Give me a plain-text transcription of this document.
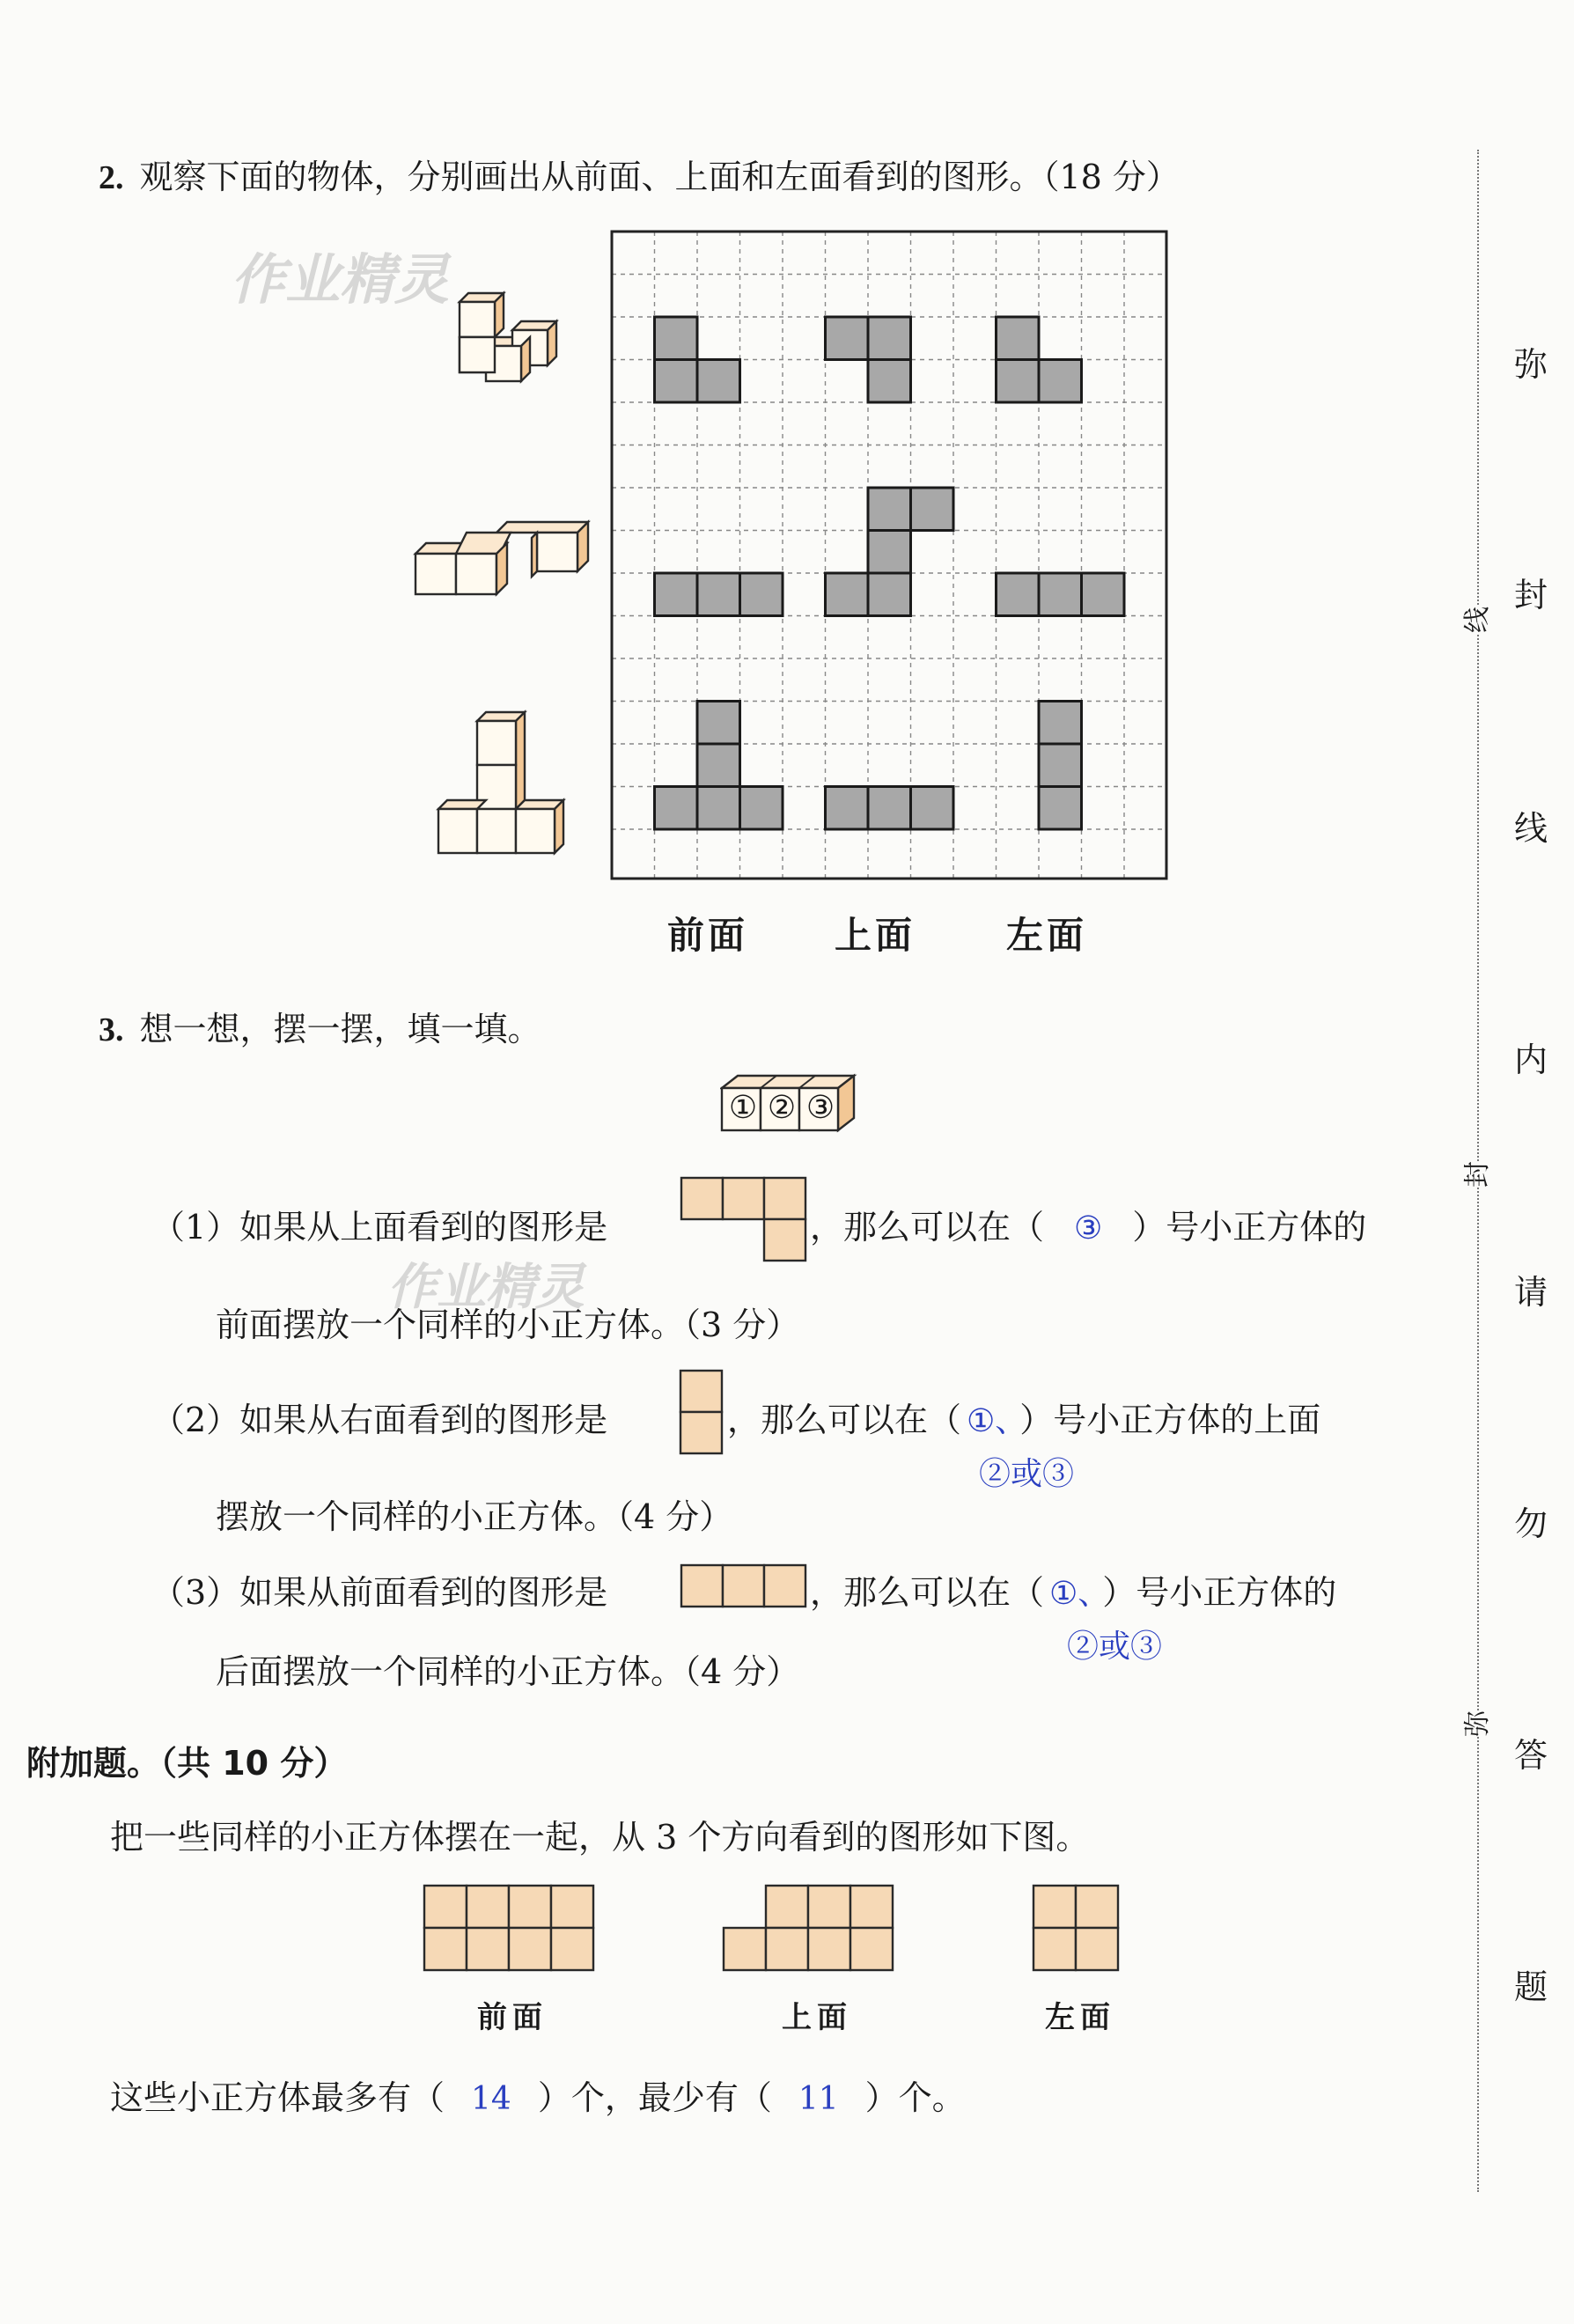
作业精灵
作业精灵
2. 观察下面的物体，分别画出从前面、上面和左面看到的图形。（18 分）
前面 上面 左面
3. 想一想，摆一摆，填一填。
① ② ③
（1）如果从上面看到的图形是	，那么可以在（ ③ ）号小正方体的
前面摆放一个同样的小正方体。（3 分）
（2）如果从右面看到的图形是	，那么可以在（ ①、 ）号小正方体的上面
②或③
摆放一个同样的小正方体。（4 分）
（3）如果从前面看到的图形是	，那么可以在（ ①、 ）号小正方体的
②或③
后面摆放一个同样的小正方体。（4 分）
附加题。（共 10 分）
把一些同样的小正方体摆在一起，从 3 个方向看到的图形如下图。
前面	上面	左面
这些小正方体最多有（ 14 ）个，最少有（ 11 ）个。
线
封
弥
弥
封
线
内
请
勿
答
题
